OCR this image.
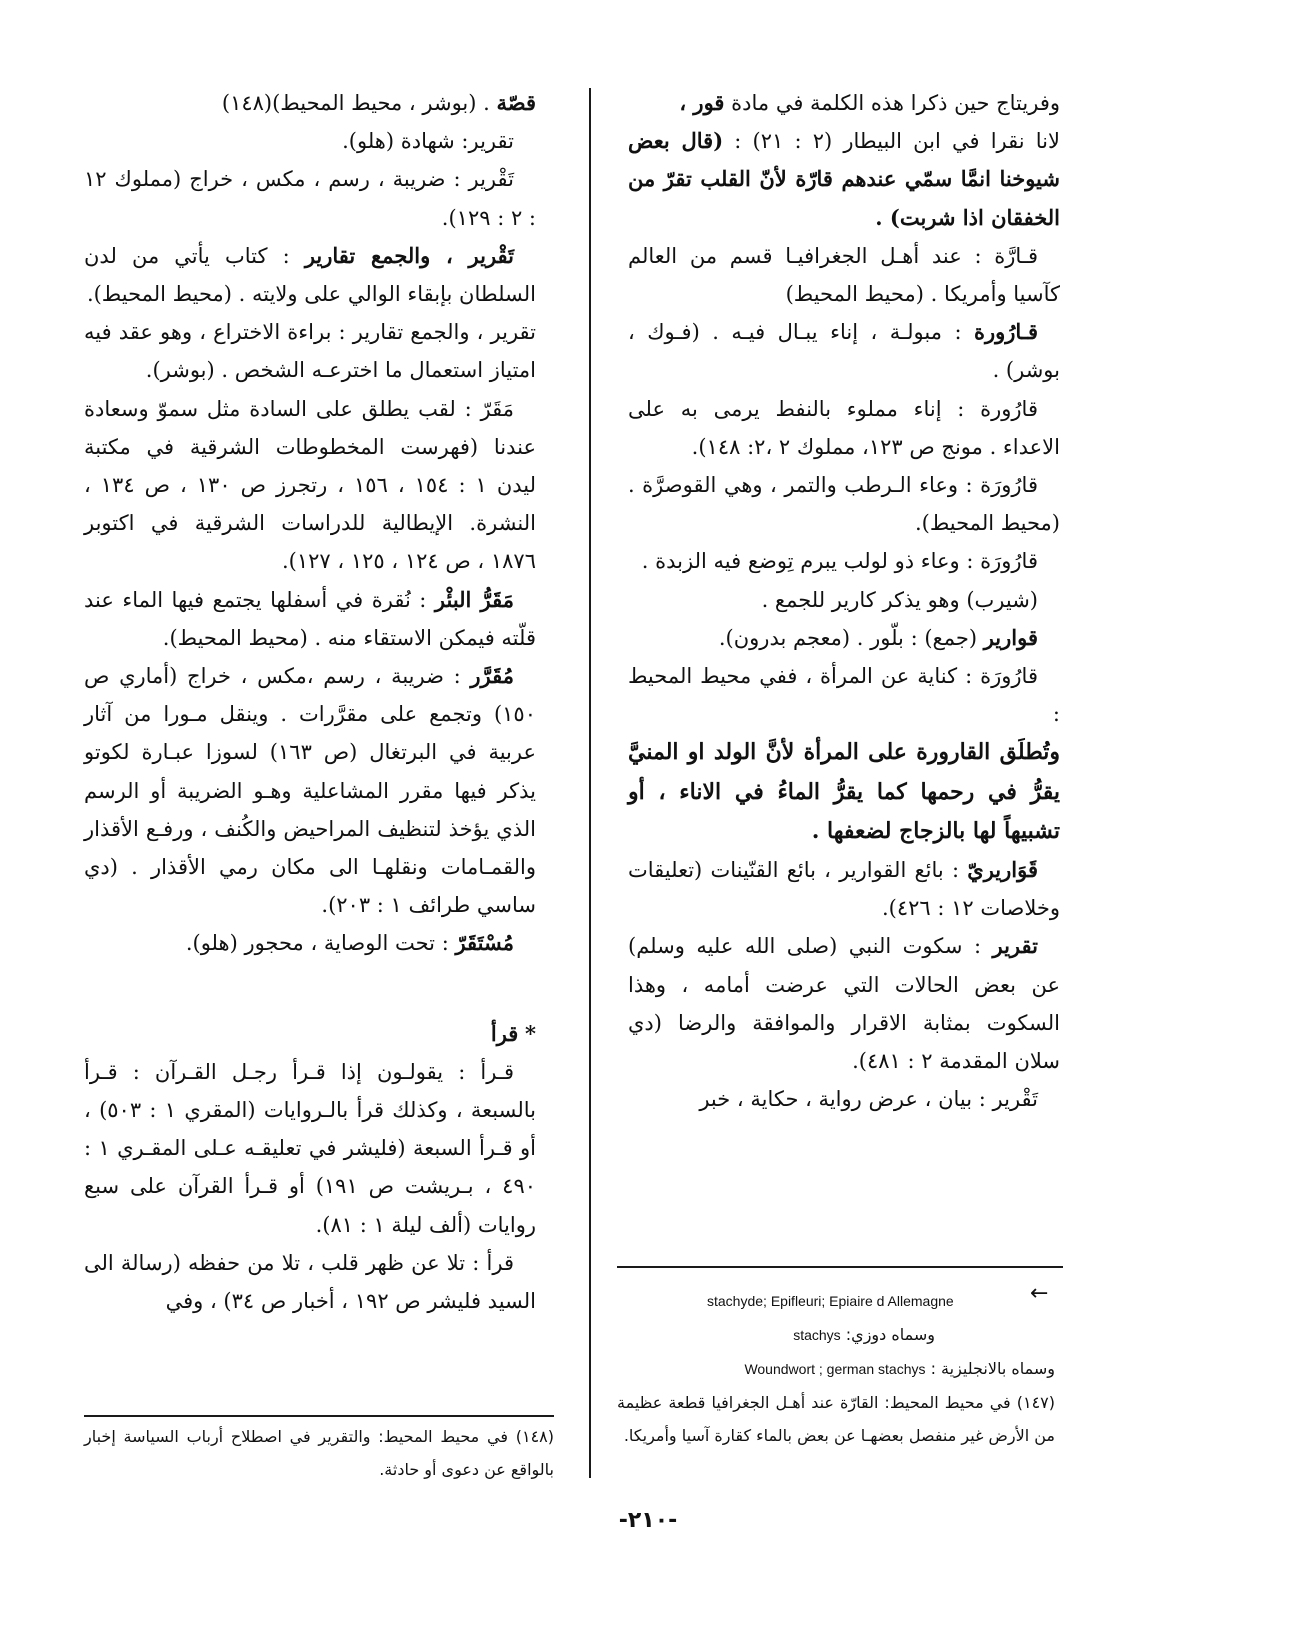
وفريتاج حين ذكرا هذه الكلمة في مادة قور ،

لانا نقرا في ابن البيطار (٢ : ٢١) : (قال بعض شيوخنا انمَّا سمّي عندهم قارّة لأنّ القلب تقرّ من الخفقان اذا شربت) .

قـارَّة : عند أهـل الجغرافيـا قسم من العالم كآسيا وأمريكا . (محيط المحيط)

قـارُورة : مبولـة ، إناء يبـال فيـه . (فـوك ، بوشر) .

قارُورة : إناء مملوء بالنفط يرمى به على الاعداء . مونج ص ١٢٣، مملوك ٢ ،٢: ١٤٨).

قارُورَة : وعاء الـرطب والتمر ، وهي القوصرَّة . (محيط المحيط).

قارُورَة : وعاء ذو لولب يبرم تِوضع فيه الزبدة .

(شيرب) وهو يذكر كارير للجمع .

قوارير (جمع) : بلّور . (معجم بدرون).

قارُورَة : كناية عن المرأة ، ففي محيط المحيط :

وتُطلَق القارورة على المرأة لأنَّ الولد او المنيَّ يقرُّ في رحمها كما يقرُّ الماءُ في الاناء ، أو تشبيهاً لها بالزجاج لضعفها .

قَوَاريريّ : بائع القوارير ، بائع القنّينات (تعليقات وخلاصات ١٢ : ٤٢٦).

تقرير : سكوت النبي (صلى الله عليه وسلم) عن بعض الحالات التي عرضت أمامه ، وهذا السكوت بمثابة الاقرار والموافقة والرضا (دي سلان المقدمة ٢ : ٤٨١).

تَقْرير : بيان ، عرض رواية ، حكاية ، خبر

قصّة . (بوشر ، محيط المحيط)(١٤٨)

تقرير: شهادة (هلو).

تَقْرير : ضريبة ، رسم ، مكس ، خراج (مملوك ١٢ : ٢ : ١٢٩).

تَقْرير ، والجمع تقارير : كتاب يأتي من لدن السلطان بإبقاء الوالي على ولايته . (محيط المحيط).

تقرير ، والجمع تقارير : براءة الاختراع ، وهو عقد فيه امتياز استعمال ما اخترعـه الشخص . (بوشر).

مَقَرّ : لقب يطلق على السادة مثل سموّ وسعادة عندنا (فهرست المخطوطات الشرقية في مكتبة ليدن ١ : ١٥٤ ، ١٥٦ ، رتجرز ص ١٣٠ ، ص ١٣٤ ، النشرة. الإيطالية للدراسات الشرقية في اكتوبر ١٨٧٦ ، ص ١٢٤ ، ١٢٥ ، ١٢٧).

مَقَرُّ البئْر : نُقرة في أسفلها يجتمع فيها الماء عند قلّته فيمكن الاستقاء منه . (محيط المحيط).

مُقَرَّر : ضريبة ، رسم ،مكس ، خراج (أماري ص ١٥٠) وتجمع على مقرَّرات . وينقل مـورا من آثار عربية في البرتغال (ص ١٦٣) لسوزا عبـارة لكوتو يذكر فيها مقرر المشاعلية وهـو الضريبة أو الرسم الذي يؤخذ لتنظيف المراحيض والكُنف ، ورفـع الأقذار والقمـامات ونقلهـا الى مكان رمي الأقذار . (دي ساسي طرائف ١ : ٢٠٣).

مُسْتَقَرّ : تحت الوصاية ، محجور (هلو).

* قرأ

قـرأ : يقولـون إذا قـرأ رجـل القـرآن : قـرأ بالسبعة ، وكذلك قرأ بالـروايات (المقري ١ : ٥٠٣) ، أو قـرأ السبعة (فليشر في تعليقـه عـلى المقـري ١ : ٤٩٠ ، بـريشت ص ١٩١) أو قـرأ القرآن على سبع روايات (ألف ليلة ١ : ٨١).

قرأ : تلا عن ظهر قلب ، تلا من حفظه (رسالة الى السيد فليشر ص ١٩٢ ، أخبار ص ٣٤) ، وفي	←

stachyde; Epifleuri; Epiaire d Allemagne

وسماه دوزي: stachys

وسماه بالانجليزية : Woundwort ; german stachys

(١٤٧) في محيط المحيط: القارّة عند أهـل الجغرافيا قطعة عظيمة من الأرض غير منفصل بعضهـا عن بعض بالماء كقارة آسيا وأمريكا.

(١٤٨) في محيط المحيط: والتقرير في اصطلاح أرباب السياسة إخبار بالواقع عن دعوى أو حادثة.

-٢١٠-
